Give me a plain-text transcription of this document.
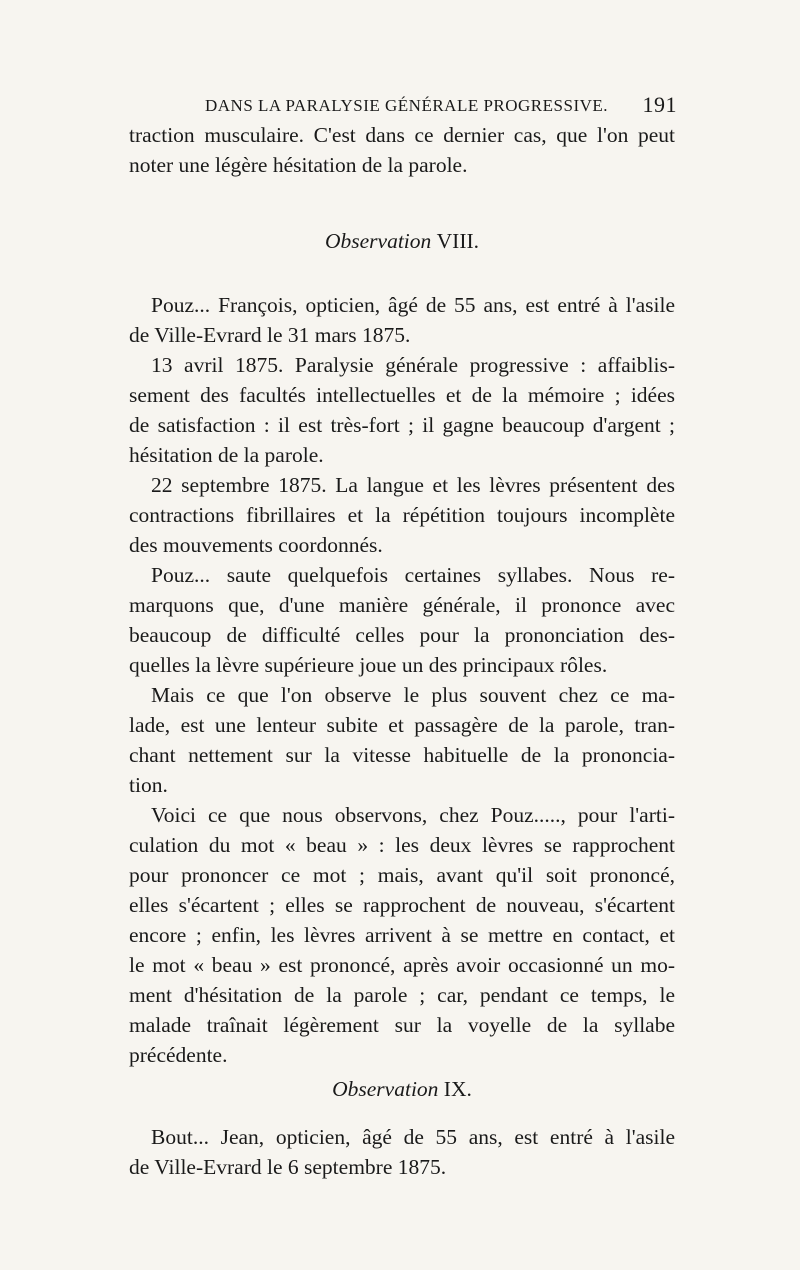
DANS LA PARALYSIE GÉNÉRALE PROGRESSIVE. 191
traction musculaire. C'est dans ce dernier cas, que l'on peut
noter une légère hésitation de la parole.
Observation VIII.
Pouz... François, opticien, âgé de 55 ans, est entré à l'asile
de Ville-Evrard le 31 mars 1875.
13 avril 1875. Paralysie générale progressive : affaiblis-
sement des facultés intellectuelles et de la mémoire ; idées
de satisfaction : il est très-fort ; il gagne beaucoup d'argent ;
hésitation de la parole.
22 septembre 1875. La langue et les lèvres présentent des
contractions fibrillaires et la répétition toujours incomplète
des mouvements coordonnés.
Pouz... saute quelquefois certaines syllabes. Nous re-
marquons que, d'une manière générale, il prononce avec
beaucoup de difficulté celles pour la prononciation des-
quelles la lèvre supérieure joue un des principaux rôles.
Mais ce que l'on observe le plus souvent chez ce ma-
lade, est une lenteur subite et passagère de la parole, tran-
chant nettement sur la vitesse habituelle de la prononcia-
tion.
Voici ce que nous observons, chez Pouz....., pour l'arti-
culation du mot « beau » : les deux lèvres se rapprochent
pour prononcer ce mot ; mais, avant qu'il soit prononcé,
elles s'écartent ; elles se rapprochent de nouveau, s'écartent
encore ; enfin, les lèvres arrivent à se mettre en contact, et
le mot « beau » est prononcé, après avoir occasionné un mo-
ment d'hésitation de la parole ; car, pendant ce temps, le
malade traînait légèrement sur la voyelle de la syllabe
précédente.
Observation IX.
Bout... Jean, opticien, âgé de 55 ans, est entré à l'asile
de Ville-Evrard le 6 septembre 1875.
